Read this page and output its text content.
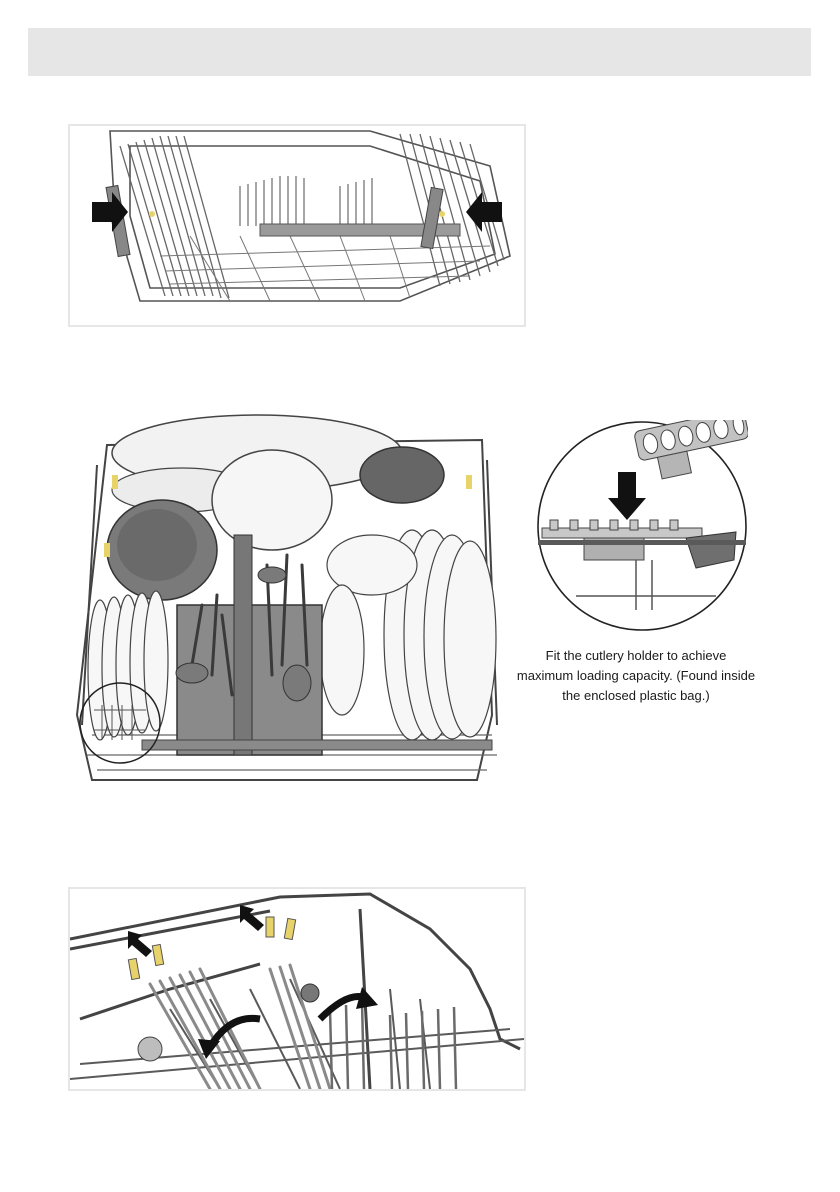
Fit the cutlery holder to achieve maximum loading capacity. (Found inside the enclosed plastic bag.)
